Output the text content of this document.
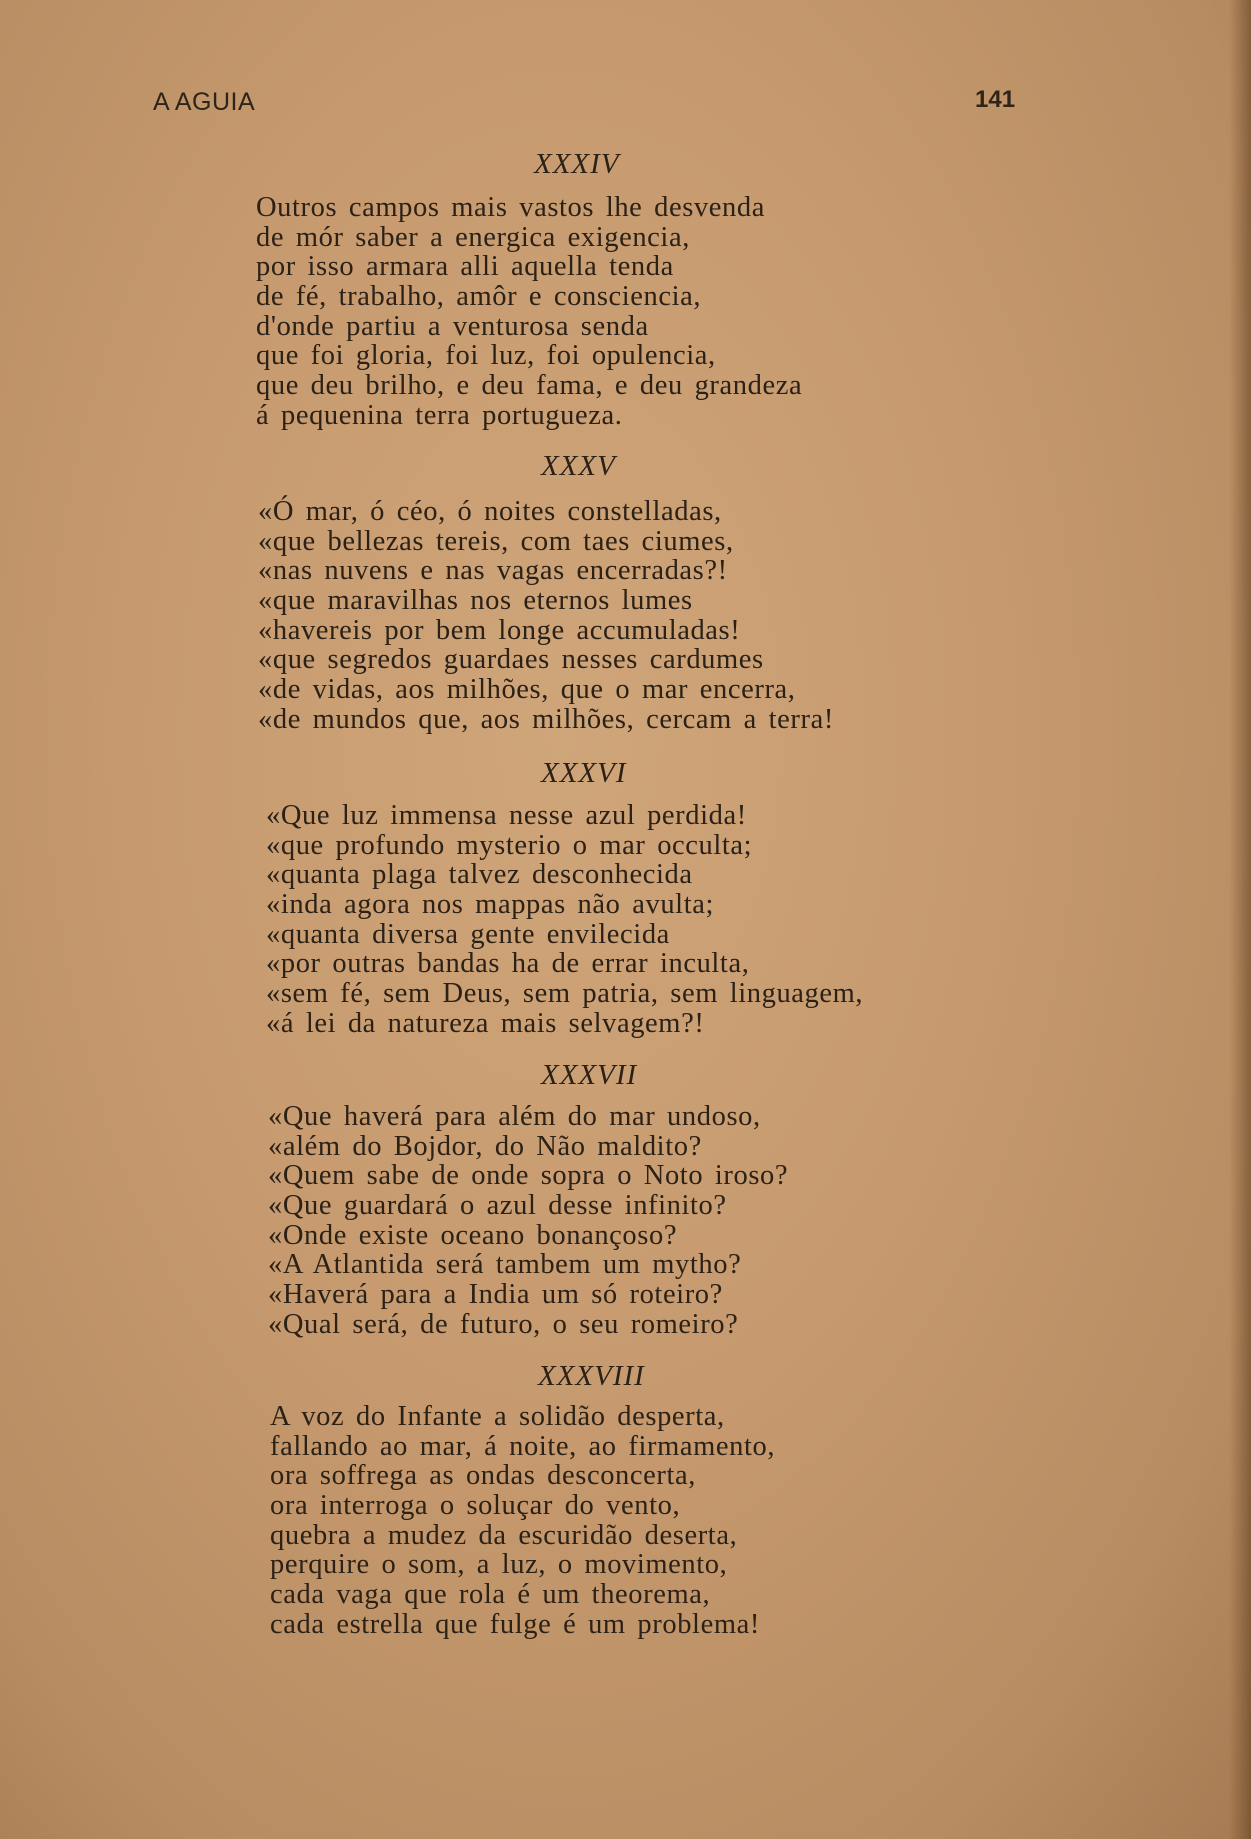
A AGUIA	141
XXXIV
Outros campos mais vastos lhe desvenda
de mór saber a energica exigencia,
por isso armara alli aquella tenda
de fé, trabalho, amôr e consciencia,
d'onde partiu a venturosa senda
que foi gloria, foi luz, foi opulencia,
que deu brilho, e deu fama, e deu grandeza
á pequenina terra portugueza.
XXXV
«Ó mar, ó céo, ó noites constelladas,
«que bellezas tereis, com taes ciumes,
«nas nuvens e nas vagas encerradas?!
«que maravilhas nos eternos lumes
«havereis por bem longe accumuladas!
«que segredos guardaes nesses cardumes
«de vidas, aos milhões, que o mar encerra,
«de mundos que, aos milhões, cercam a terra!
XXXVI
«Que luz immensa nesse azul perdida!
«que profundo mysterio o mar occulta;
«quanta plaga talvez desconhecida
«inda agora nos mappas não avulta;
«quanta diversa gente envilecida
«por outras bandas ha de errar inculta,
«sem fé, sem Deus, sem patria, sem linguagem,
«á lei da natureza mais selvagem?!
XXXVII
«Que haverá para além do mar undoso,
«além do Bojdor, do Não maldito?
«Quem sabe de onde sopra o Noto iroso?
«Que guardará o azul desse infinito?
«Onde existe oceano bonançoso?
«A Atlantida será tambem um mytho?
«Haverá para a India um só roteiro?
«Qual será, de futuro, o seu romeiro?
XXXVIII
A voz do Infante a solidão desperta,
fallando ao mar, á noite, ao firmamento,
ora soffrega as ondas desconcerta,
ora interroga o soluçar do vento,
quebra a mudez da escuridão deserta,
perquire o som, a luz, o movimento,
cada vaga que rola é um theorema,
cada estrella que fulge é um problema!
